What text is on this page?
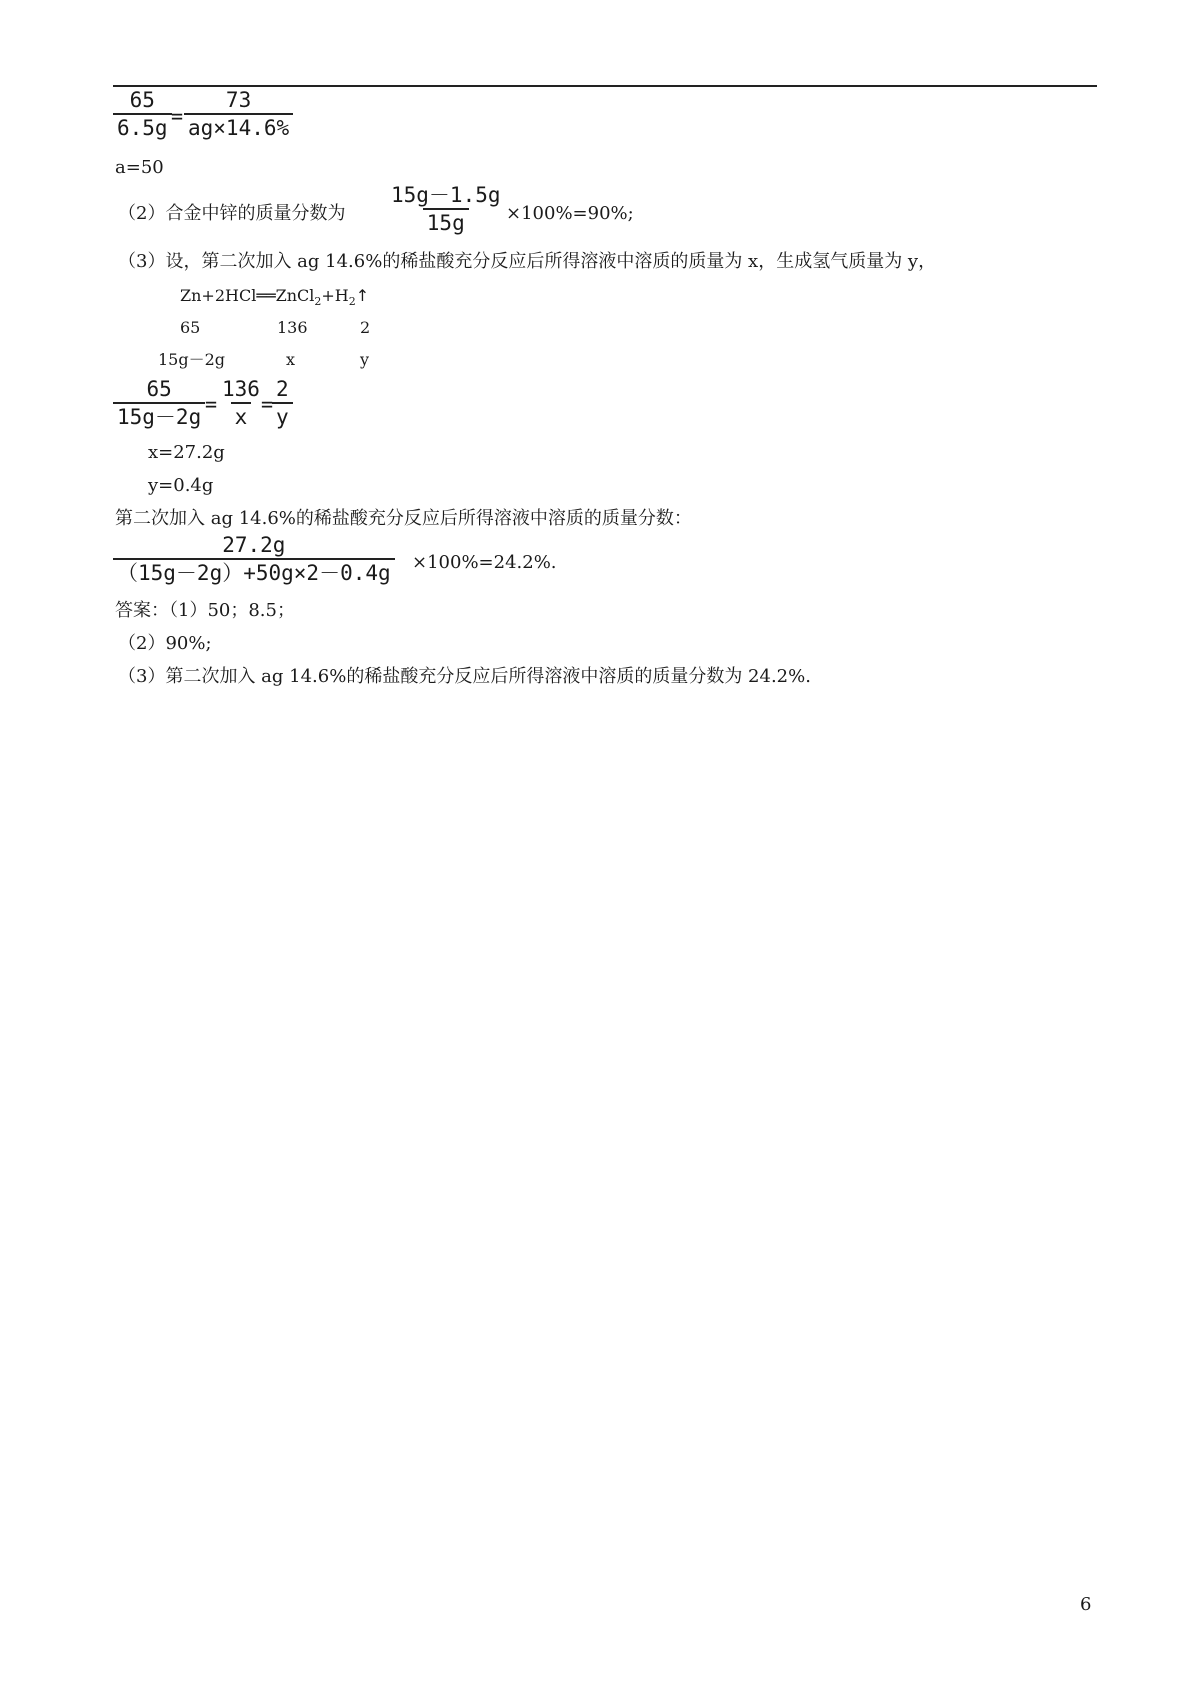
$\frac{65}{6.5g} = \frac{73}{ag\times 14.6\%}$
a=50
（2）合金中锌的质量分数为 $\frac{15g-1.5g}{15g} \times 100\%=90\%$;
（3）设，第二次加入 ag 14.6%的稀盐酸充分反应后所得溶液中溶质的质量为 x，生成氢气质量为 y，
$Zn+2HCl══ZnCl_2+H_2↑$
65	136	2
15g－2g	x	y
$\frac{65}{15g-2g} = \frac{136}{x}$
=
$\frac{2}{y}$
x=27.2g
y=0.4g
第二次加入 ag 14.6%的稀盐酸充分反应后所得溶液中溶质的质量分数：
$\frac{27.2g}{(15g-2g)+50g\times 2-0.4g} \times 100\%=24.2\%$.
答案：（1）50；8.5；
（2）90%;
（3）第二次加入 ag 14.6%的稀盐酸充分反应后所得溶液中溶质的质量分数为 24.2%.
6
